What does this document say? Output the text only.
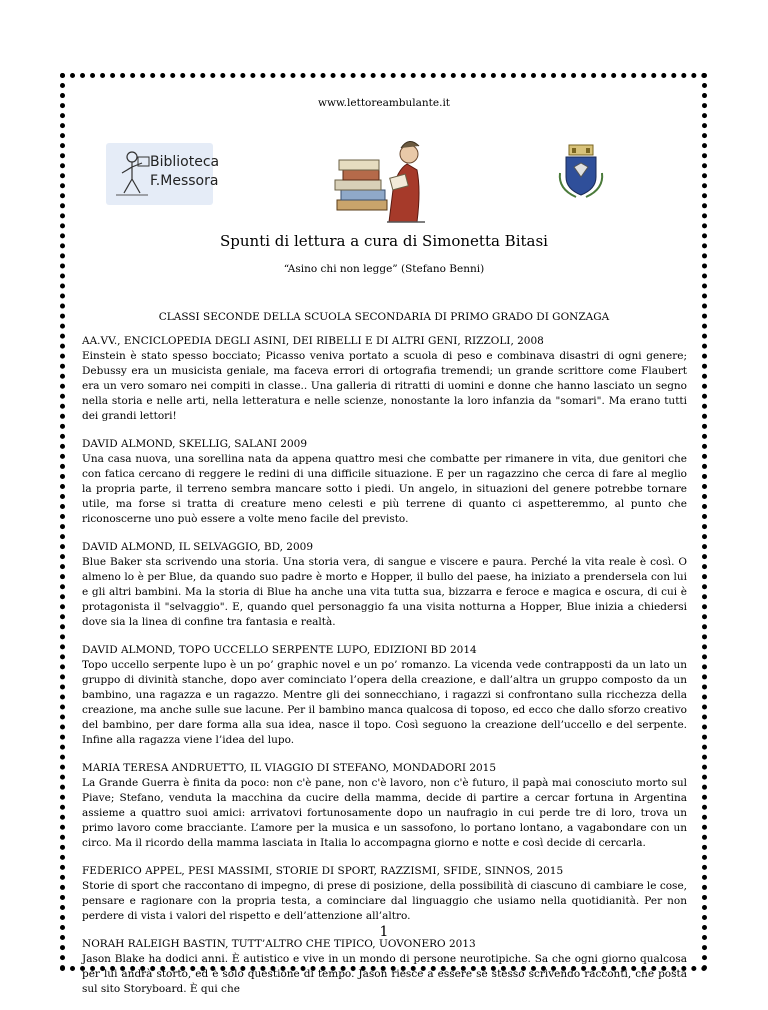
www.lettoreambulante.it
Biblioteca
F.Messora
Spunti di lettura a cura di Simonetta Bitasi
“Asino chi non legge” (Stefano Benni)
CLASSI SECONDE DELLA SCUOLA SECONDARIA DI PRIMO GRADO DI GONZAGA
AA.VV., ENCICLOPEDIA DEGLI ASINI, DEI RIBELLI E DI ALTRI GENI, RIZZOLI, 2008
Einstein è stato spesso bocciato; Picasso veniva portato a scuola di peso e combinava disastri di ogni genere; Debussy era un musicista geniale, ma faceva errori di ortografia tremendi; un grande scrittore come Flaubert era un vero somaro nei compiti in classe.. Una galleria di ritratti di uomini e donne che hanno lasciato un segno nella storia e nelle arti, nella letteratura e nelle scienze, nonostante la loro infanzia da "somari". Ma erano tutti dei grandi lettori!
DAVID ALMOND, SKELLIG, SALANI 2009
Una casa nuova, una sorellina nata da appena quattro mesi che combatte per rimanere in vita, due genitori che con fatica cercano di reggere le redini di una difficile situazione. E per un ragazzino che cerca di fare al meglio la propria parte, il terreno sembra mancare sotto i piedi. Un angelo, in situazioni del genere potrebbe tornare utile, ma forse si tratta di creature meno celesti e più terrene di quanto ci aspetteremmo, al punto che riconoscerne uno può essere a volte meno facile del previsto.
DAVID ALMOND, IL SELVAGGIO, BD, 2009
Blue Baker sta scrivendo una storia. Una storia vera, di sangue e viscere e paura. Perché la vita reale è così. O almeno lo è per Blue, da quando suo padre è morto e Hopper, il bullo del paese, ha iniziato a prendersela con lui e gli altri bambini. Ma la storia di Blue ha anche una vita tutta sua, bizzarra e feroce e magica e oscura, di cui è protagonista il "selvaggio". E, quando quel personaggio fa una visita notturna a Hopper, Blue inizia a chiedersi dove sia la linea di confine tra fantasia e realtà.
DAVID ALMOND, TOPO UCCELLO SERPENTE LUPO, EDIZIONI BD 2014
Topo uccello serpente lupo è un po’ graphic novel e un po’ romanzo. La vicenda vede contrapposti da un lato un gruppo di divinità stanche, dopo aver cominciato l’opera della creazione, e dall’altra un gruppo composto da un bambino, una ragazza e un ragazzo. Mentre gli dei sonnecchiano, i ragazzi si confrontano sulla ricchezza della creazione, ma anche sulle sue lacune. Per il bambino manca qualcosa di toposo, ed ecco che dallo sforzo creativo del bambino, per dare forma alla sua idea, nasce il topo. Così seguono la creazione dell’uccello e del serpente. Infine alla ragazza viene l’idea del lupo.
MARIA TERESA ANDRUETTO, IL VIAGGIO DI STEFANO, MONDADORI 2015
La Grande Guerra è finita da poco: non c'è pane, non c'è lavoro, non c'è futuro, il papà mai conosciuto morto sul Piave; Stefano, venduta la macchina da cucire della mamma, decide di partire a cercar fortuna in Argentina assieme a quattro suoi amici: arrivatovi fortunosamente dopo un naufragio in cui perde tre di loro, trova un primo lavoro come bracciante. L’amore per la musica e un sassofono, lo portano lontano, a vagabondare con un circo. Ma il ricordo della mamma lasciata in Italia lo accompagna giorno e notte e così decide di cercarla.
FEDERICO APPEL, PESI MASSIMI, STORIE DI SPORT, RAZZISMI, SFIDE, SINNOS, 2015
Storie di sport che raccontano di impegno, di prese di posizione, della possibilità di ciascuno di cambiare le cose, pensare e ragionare con la propria testa, a cominciare dal linguaggio che usiamo nella quotidianità. Per non perdere di vista i valori del rispetto e dell’attenzione all’altro.
NORAH RALEIGH BASTIN, TUTT’ALTRO CHE TIPICO, UOVONERO 2013
Jason Blake ha dodici anni. È autistico e vive in un mondo di persone neurotipiche. Sa che ogni giorno qualcosa per lui andrà storto, ed è solo questione di tempo. Jason riesce a essere se stesso scrivendo racconti, che posta sul sito Storyboard. È qui che
1
